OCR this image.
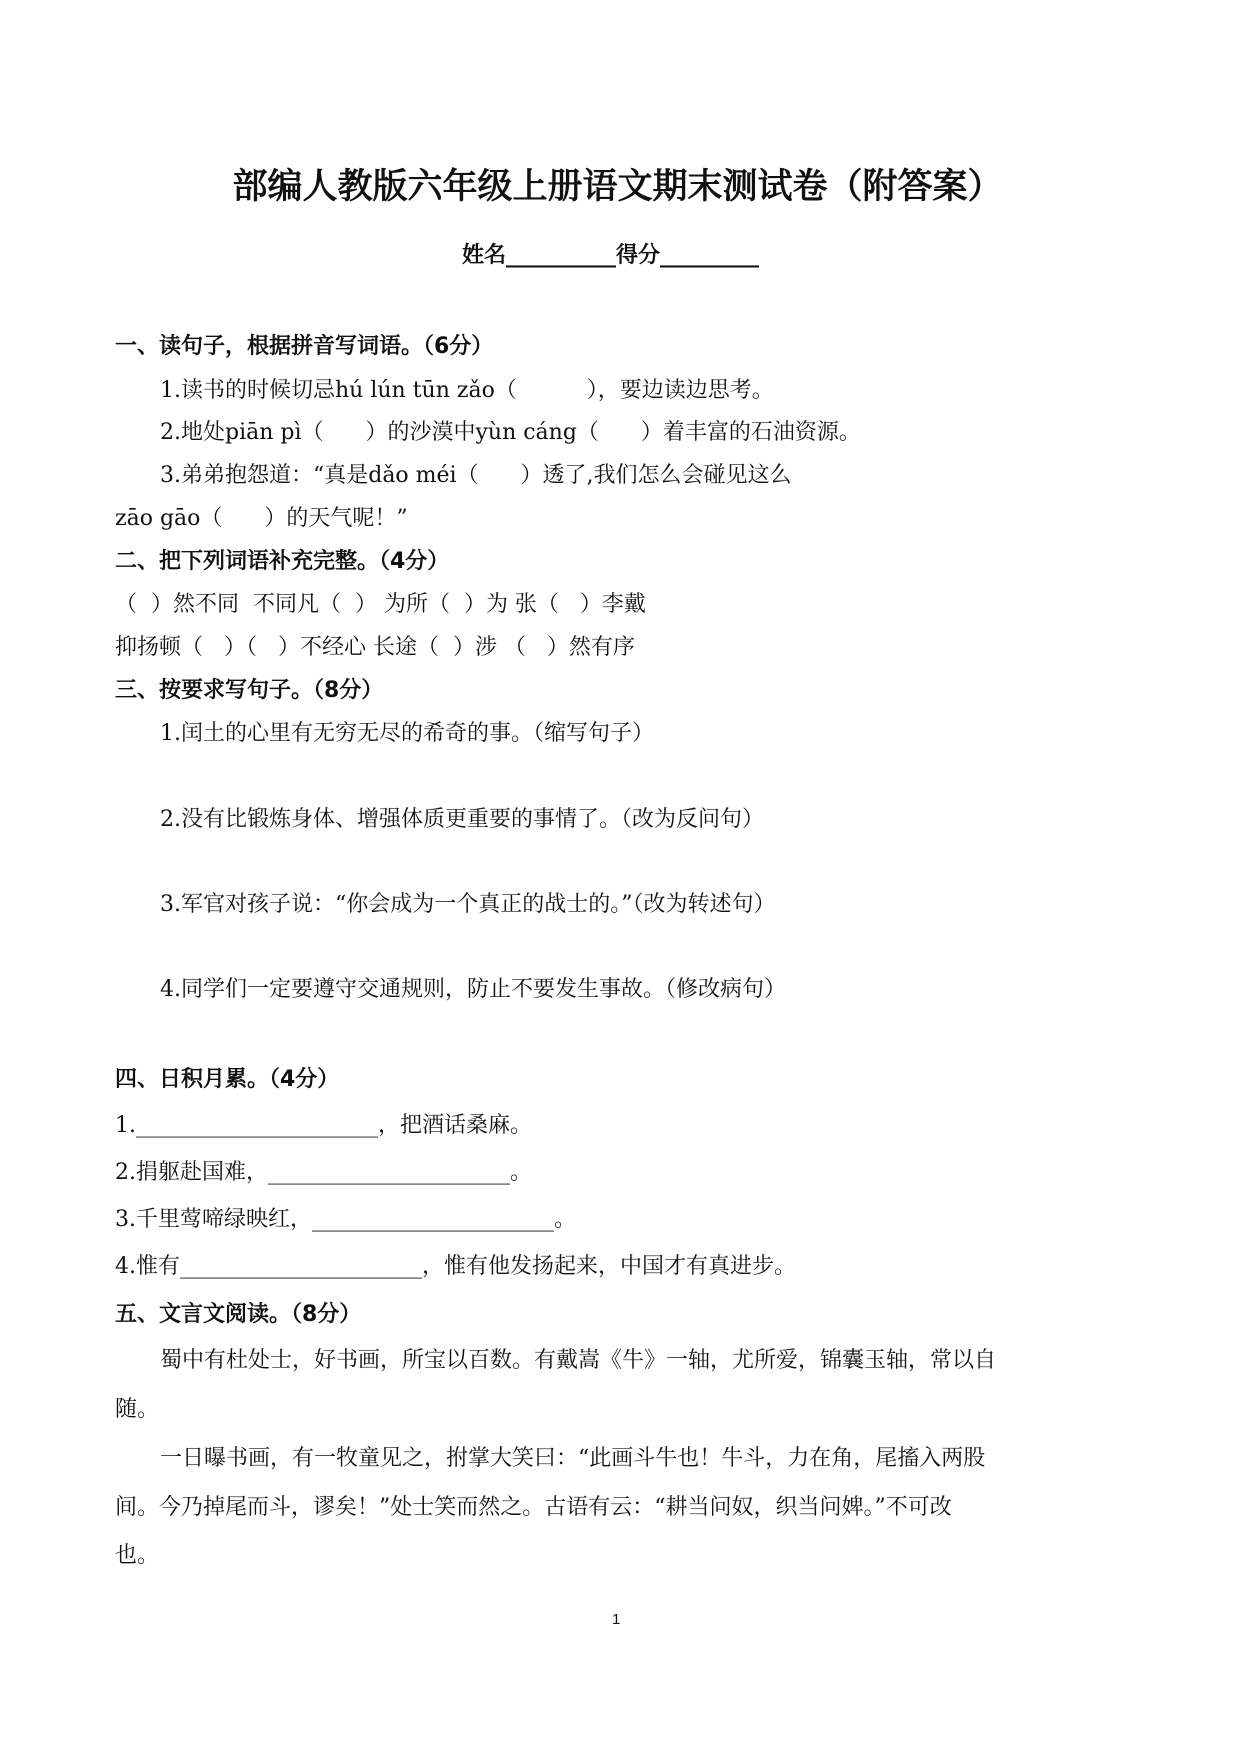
部编人教版六年级上册语文期末测试卷（附答案）
姓名__________得分_________
一、读句子，根据拼音写词语。（6分）
1.读书的时候切忌hú lún tūn zǎo（          ），要边读边思考。
2.地处piān pì（      ）的沙漠中yùn cáng（      ）着丰富的石油资源。
3.弟弟抱怨道：“真是dǎo méi（      ）透了,我们怎么会碰见这么
zāo gāo（      ）的天气呢！”
二、把下列词语补充完整。（4分）
（  ）然不同  不同凡（  ） 为所（  ）为 张（   ）李戴
抑扬顿（   ）（   ）不经心 长途（  ）涉 （   ）然有序
三、按要求写句子。（8分）
1.闰土的心里有无穷无尽的希奇的事。（缩写句子）
2.没有比锻炼身体、增强体质更重要的事情了。（改为反问句）
3.军官对孩子说：“你会成为一个真正的战士的。”（改为转述句）
4.同学们一定要遵守交通规则，防止不要发生事故。（修改病句）
四、日积月累。（4分）
1.______________________，把酒话桑麻。
2.捐躯赴国难，______________________。
3.千里莺啼绿映红，______________________。
4.惟有______________________，惟有他发扬起来，中国才有真进步。
五、文言文阅读。（8分）
蜀中有杜处士，好书画，所宝以百数。有戴嵩《牛》一轴，尤所爱，锦囊玉轴，常以自
随。
一日曝书画，有一牧童见之，拊掌大笑曰：“此画斗牛也！牛斗，力在角，尾搐入两股
间。今乃掉尾而斗，谬矣！”处士笑而然之。古语有云：“耕当问奴，织当问婢。”不可改
也。
1
